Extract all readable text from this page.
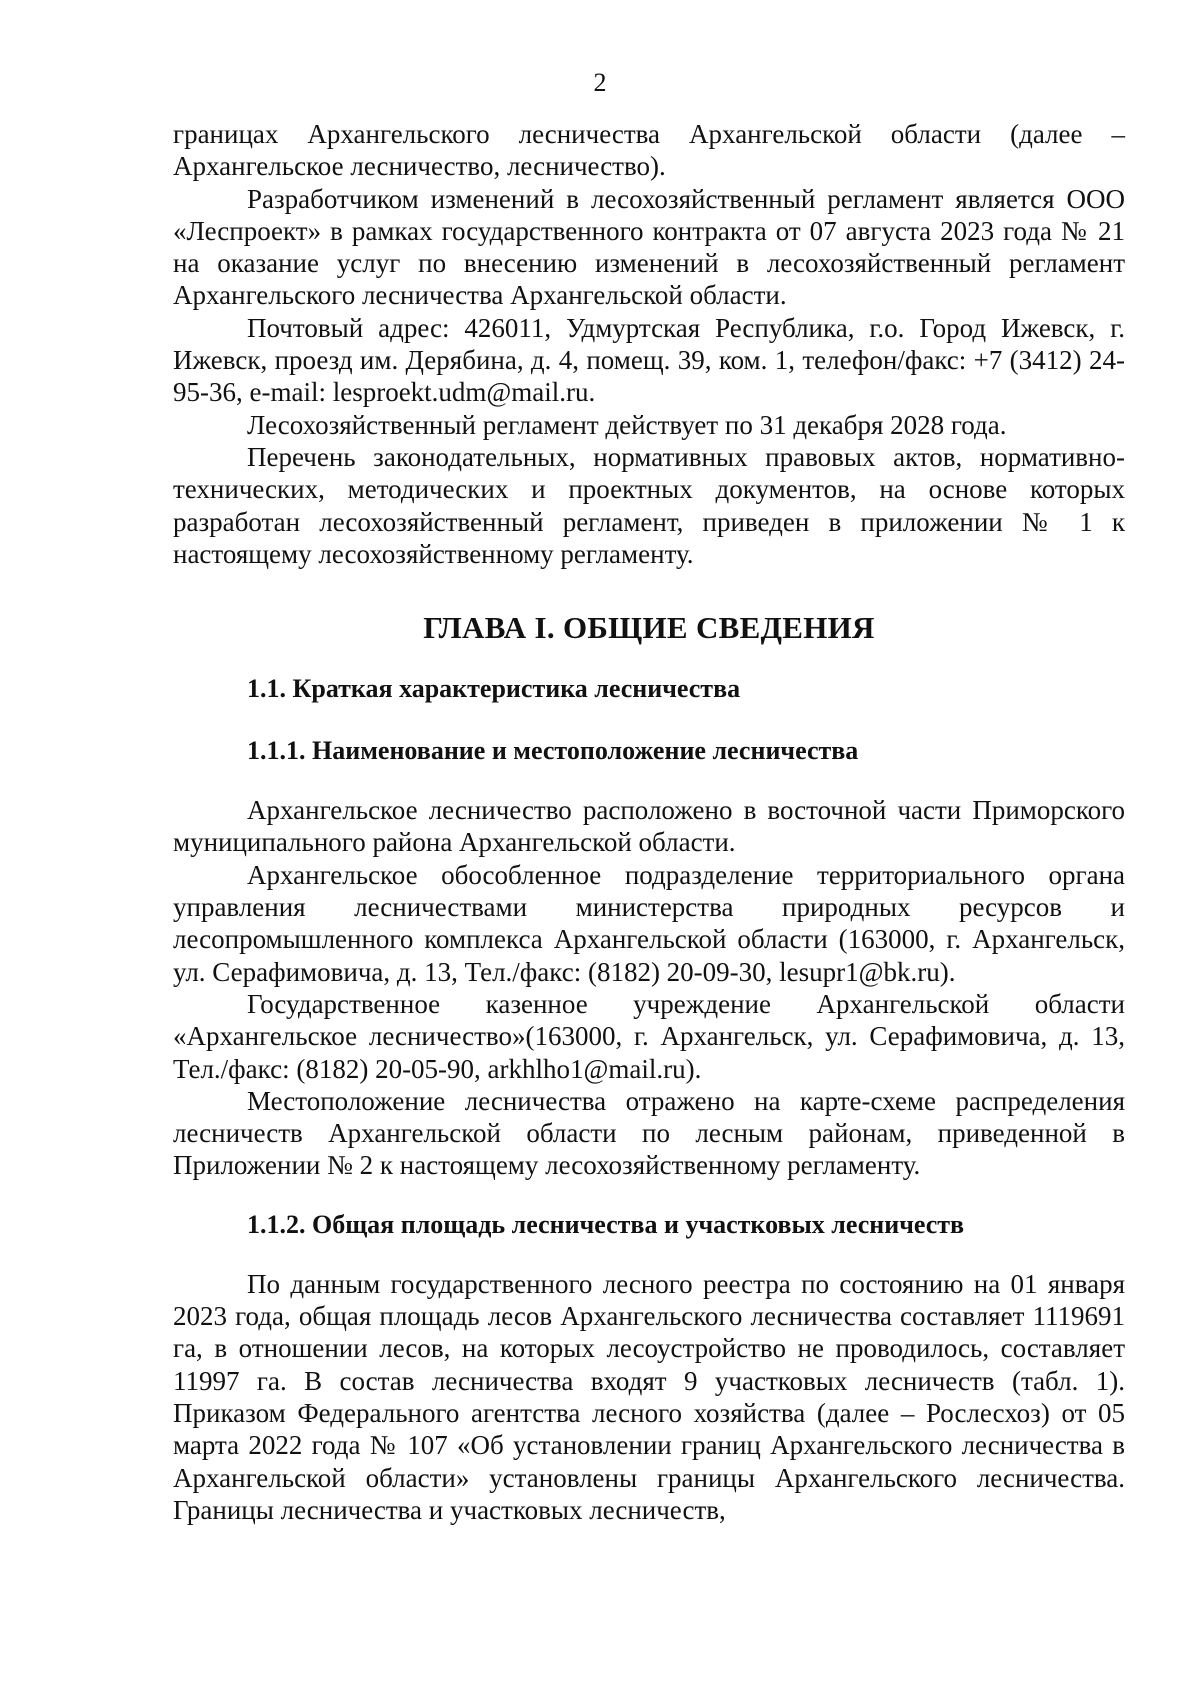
2

границах Архангельского лесничества Архангельской области (далее – Архангельское лесничество, лесничество).

Разработчиком изменений в лесохозяйственный регламент является ООО «Леспроект» в рамках государственного контракта от 07 августа 2023 года № 21 на оказание услуг по внесению изменений в лесохозяйственный регламент Архангельского лесничества Архангельской области.

Почтовый адрес: 426011, Удмуртская Республика, г.о. Город Ижевск, г. Ижевск, проезд им. Дерябина, д. 4, помещ. 39, ком. 1, телефон/факс: +7 (3412) 24-95-36, e-mail: lesproekt.udm@mail.ru.

Лесохозяйственный регламент действует по 31 декабря 2028 года.

Перечень законодательных, нормативных правовых актов, нормативно-технических, методических и проектных документов, на основе которых разработан лесохозяйственный регламент, приведен в приложении № 1 к настоящему лесохозяйственному регламенту.

ГЛАВА I. ОБЩИЕ СВЕДЕНИЯ
1.1. Краткая характеристика лесничества
1.1.1. Наименование и местоположение лесничества

Архангельское лесничество расположено в восточной части Приморского муниципального района Архангельской области.

Архангельское обособленное подразделение территориального органа управления лесничествами министерства природных ресурсов и лесопромышленного комплекса Архангельской области (163000, г. Архангельск, ул. Серафимовича, д. 13, Тел./факс: (8182) 20-09-30, lesupr1@bk.ru).

Государственное казенное учреждение Архангельской области «Архангельское лесничество»(163000, г. Архангельск, ул. Серафимовича, д. 13, Тел./факс: (8182) 20-05-90, arkhlho1@mail.ru).

Местоположение лесничества отражено на карте-схеме распределения лесничеств Архангельской области по лесным районам, приведенной в Приложении № 2 к настоящему лесохозяйственному регламенту.

1.1.2. Общая площадь лесничества и участковых лесничеств

По данным государственного лесного реестра по состоянию на 01 января 2023 года, общая площадь лесов Архангельского лесничества составляет 1119691 га, в отношении лесов, на которых лесоустройство не проводилось, составляет 11997 га. В состав лесничества входят 9 участковых лесничеств (табл. 1). Приказом Федерального агентства лесного хозяйства (далее – Рослесхоз) от 05 марта 2022 года № 107 «Об установлении границ Архангельского лесничества в Архангельской области» установлены границы Архангельского лесничества. Границы лесничества и участковых лесничеств,
